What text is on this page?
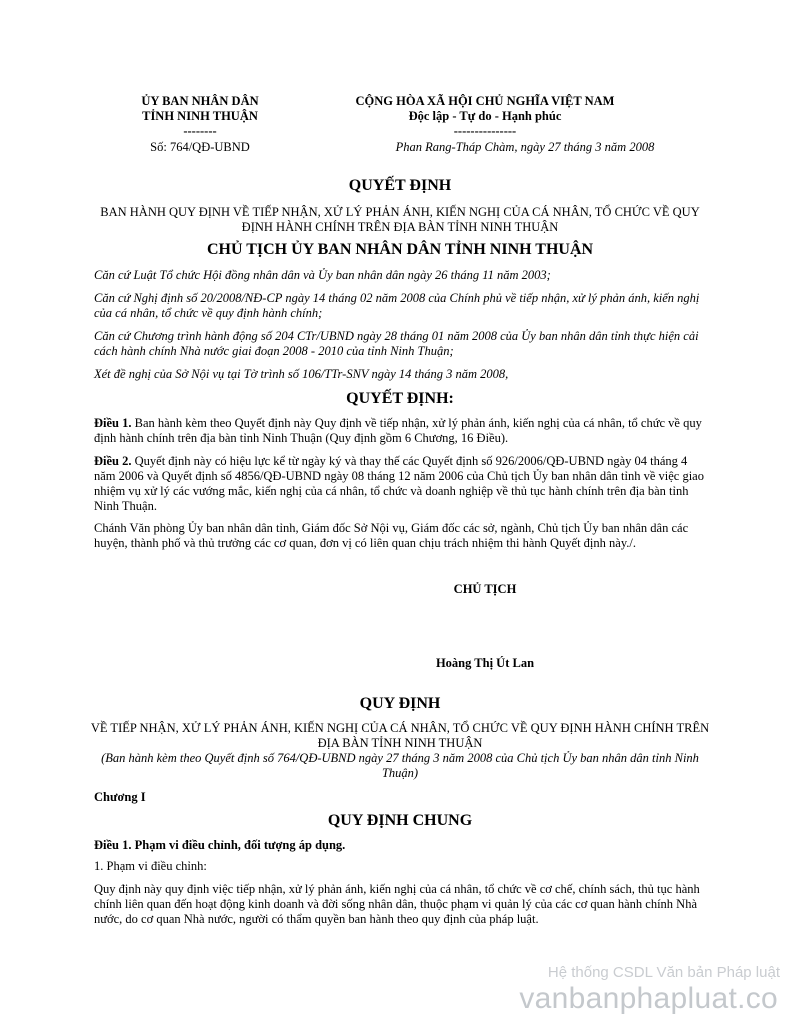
ỦY BAN NHÂN DÂN
TỈNH NINH THUẬN
--------
Số: 764/QĐ-UBND
CỘNG HÒA XÃ HỘI CHỦ NGHĨA VIỆT NAM
Độc lập - Tự do - Hạnh phúc
---------------
Phan Rang-Tháp Chàm, ngày 27 tháng 3 năm 2008
QUYẾT ĐỊNH
BAN HÀNH QUY ĐỊNH VỀ TIẾP NHẬN, XỬ LÝ PHẢN ÁNH, KIẾN NGHỊ CỦA CÁ NHÂN, TỔ CHỨC VỀ QUY ĐỊNH HÀNH CHÍNH TRÊN ĐỊA BÀN TỈNH NINH THUẬN
CHỦ TỊCH ỦY BAN NHÂN DÂN TỈNH NINH THUẬN
Căn cứ Luật Tổ chức Hội đồng nhân dân và Ủy ban nhân dân ngày 26 tháng 11 năm 2003;
Căn cứ Nghị định số 20/2008/NĐ-CP ngày 14 tháng 02 năm 2008 của Chính phủ về tiếp nhận, xử lý phản ánh, kiến nghị của cá nhân, tổ chức về quy định hành chính;
Căn cứ Chương trình hành động số 204 CTr/UBND ngày 28 tháng 01 năm 2008 của Ủy ban nhân dân tỉnh thực hiện cải cách hành chính Nhà nước giai đoạn 2008 - 2010 của tỉnh Ninh Thuận;
Xét đề nghị của Sở Nội vụ tại Tờ trình số 106/TTr-SNV ngày 14 tháng 3 năm 2008,
QUYẾT ĐỊNH:
Điều 1. Ban hành kèm theo Quyết định này Quy định về tiếp nhận, xử lý phản ánh, kiến nghị của cá nhân, tổ chức về quy định hành chính trên địa bàn tỉnh Ninh Thuận (Quy định gồm 6 Chương, 16 Điều).
Điều 2. Quyết định này có hiệu lực kể từ ngày ký và thay thế các Quyết định số 926/2006/QĐ-UBND ngày 04 tháng 4 năm 2006 và Quyết định số 4856/QĐ-UBND ngày 08 tháng 12 năm 2006 của Chủ tịch Ủy ban nhân dân tỉnh về việc giao nhiệm vụ xử lý các vướng mắc, kiến nghị của cá nhân, tổ chức và doanh nghiệp về thủ tục hành chính trên địa bàn tỉnh Ninh Thuận.
Chánh Văn phòng Ủy ban nhân dân tỉnh, Giám đốc Sở Nội vụ, Giám đốc các sở, ngành, Chủ tịch Ủy ban nhân dân các huyện, thành phố và thủ trưởng các cơ quan, đơn vị có liên quan chịu trách nhiệm thi hành Quyết định này./.
CHỦ TỊCH
Hoàng Thị Út Lan
QUY ĐỊNH
VỀ TIẾP NHẬN, XỬ LÝ PHẢN ÁNH, KIẾN NGHỊ CỦA CÁ NHÂN, TỔ CHỨC VỀ QUY ĐỊNH HÀNH CHÍNH TRÊN ĐỊA BÀN TỈNH NINH THUẬN
(Ban hành kèm theo Quyết định số 764/QĐ-UBND ngày 27 tháng 3 năm 2008 của Chủ tịch Ủy ban nhân dân tỉnh Ninh Thuận)
Chương I
QUY ĐỊNH CHUNG
Điều 1. Phạm vi điều chỉnh, đối tượng áp dụng.
1. Phạm vi điều chỉnh:
Quy định này quy định việc tiếp nhận, xử lý phản ánh, kiến nghị của cá nhân, tổ chức về cơ chế, chính sách, thủ tục hành chính liên quan đến hoạt động kinh doanh và đời sống nhân dân, thuộc phạm vi quản lý của các cơ quan hành chính Nhà nước, do cơ quan Nhà nước, người có thẩm quyền ban hành theo quy định của pháp luật.
Hệ thống CSDL Văn bản Pháp luật
vanbanphapluat.co
